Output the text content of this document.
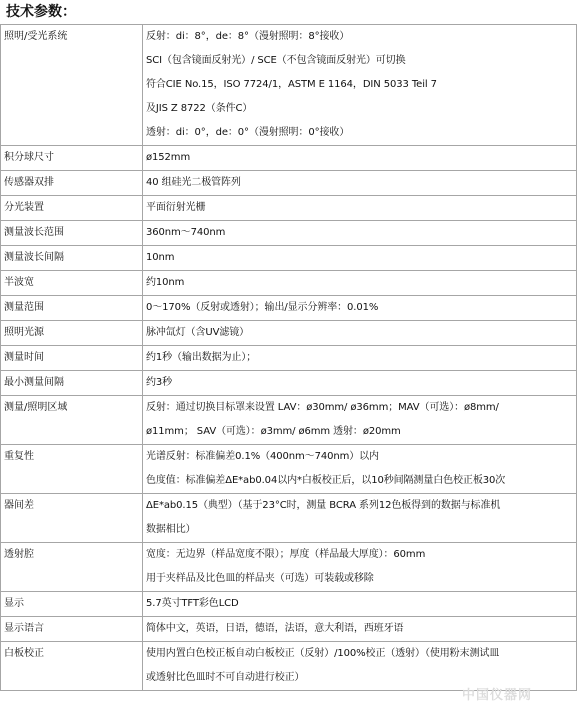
技术参数：
照明/受光系统	反射：di：8°，de：8°（漫射照明：8°接收）
SCI（包含镜面反射光）/ SCE（不包含镜面反射光）可切换
符合CIE No.15，ISO 7724/1，ASTM E 1164，DIN 5033 Teil 7
及JIS Z 8722（条件C）
透射：di：0°，de：0°（漫射照明：0°接收）

积分球尺寸	ø152mm

传感器双排	40 组硅光二极管阵列

分光装置	平面衍射光栅

测量波长范围	360nm～740nm

测量波长间隔	10nm

半波宽	约10nm

测量范围	0～170%（反射或透射）；输出/显示分辨率：0.01%

照明光源	脉冲氙灯（含UV滤镜）

测量时间	约1秒（输出数据为止）；

最小测量间隔	约3秒

测量/照明区域	反射：通过切换目标罩来设置 LAV：ø30mm/ ø36mm；MAV（可选）：ø8mm/
ø11mm； SAV（可选）：ø3mm/ ø6mm 透射：ø20mm

重复性	光谱反射：标准偏差0.1%（400nm～740nm）以内
色度值：标准偏差ΔE*ab0.04以内*白板校正后，以10秒间隔测量白色校正板30次

器间差	ΔE*ab0.15（典型）（基于23°C时，测量 BCRA 系列12色板得到的数据与标准机
数据相比）

透射腔	宽度：无边界（样品宽度不限）；厚度（样品最大厚度）：60mm
用于夹样品及比色皿的样品夹（可选）可装载或移除

显示	5.7英寸TFT彩色LCD

显示语言	简体中文，英语，日语，德语，法语，意大利语，西班牙语

白板校正	使用内置白色校正板自动白板校正（反射）/100%校正（透射）（使用粉末测试皿
或透射比色皿时不可自动进行校正）
中国仪器网
